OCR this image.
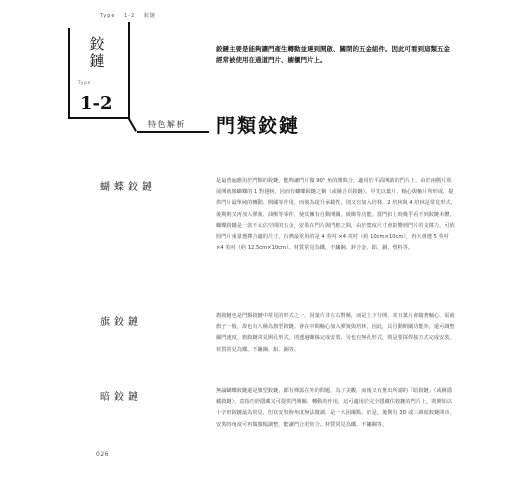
Type 1-2 鉸鏈
鉸鏈
Type
1-2
特色解析
鉸鏈主要是能夠讓門產生轉動並達到開啟、關閉的五金組件。因此可看到這類五金經常被使用在通道門片、櫥櫃門片上。
門類鉸鏈
蝴蝶鉸鏈
是最普遍應用於門類的鉸鏈，能夠讓門片做 90° 角的開與合，適用於平面開啟的門片上，由於兩側片狀展開就像蝴蝶的 1 對翅膀，因而有蝴蝶鉸鏈之稱（或稱合頁鉸鏈）。早先以葉片、軸心與軸片所形成，提供門片最單純的轉動、開關等作用，而後為提升承載性，則又有加入培林，2 培林與 4 培林是常見形式，後期則又再加入彈簧、油壓等零件，使其擁有自動開關、緩衝等功能。當門扣上時幾乎看不到鉸鏈本體，蝴蝶鉸鏈是一款不太佔空間的五金，安裝在門片與門框之間，由於寬度尺寸會影響到門片的支撐力，可依照門片重量選擇合適的尺寸，台灣最常用的是 4 英吋 ×4 英吋（約 10cm×10cm），再大會選 5 英吋 ×4 英吋（約 12.5cm×10cm）。材質常見為鐵、不鏽鋼、鋅合金、鋁、銅、塑料等。
旗鉸鏈
旗鉸鏈也是門類鉸鏈中常見的形式之一，因葉片非左右對稱，而是上下分開，並且葉片會隨著軸心，需就旗子一般，故也有人稱為旗型鉸鏈。會在中間軸心加入彈簧與培林，因此，具自動開關功能外，還可調整關門速度。旗鉸鏈常見開孔形式，則透過螺絲完成安裝，另也有無孔形式，則是要採焊接方式完成安裝。材質常見為鐵、不鏽鋼、鋁、銅等。
暗鉸鏈
無論蝴蝶鉸鏈還是旗型鉸鏈，都有裸露在外的問題，為了美觀，而後又有推出所謂的「暗鉸鏈」（或稱隱藏鉸鏈），意指巧妙隱藏又可提供門開關、轉動的作用，這可適用於完全隱藏住鉸鏈的門片上，則開始以十字形鉸鏈最為常見，但其安裝時角度無法微調，是一大困擾點，於是，後期有 3D 或三維暗鉸鏈問市，安裝時角度可再做微幅調整，能讓門合更密合。材質常見為鐵、不鏽鋼等。
026
